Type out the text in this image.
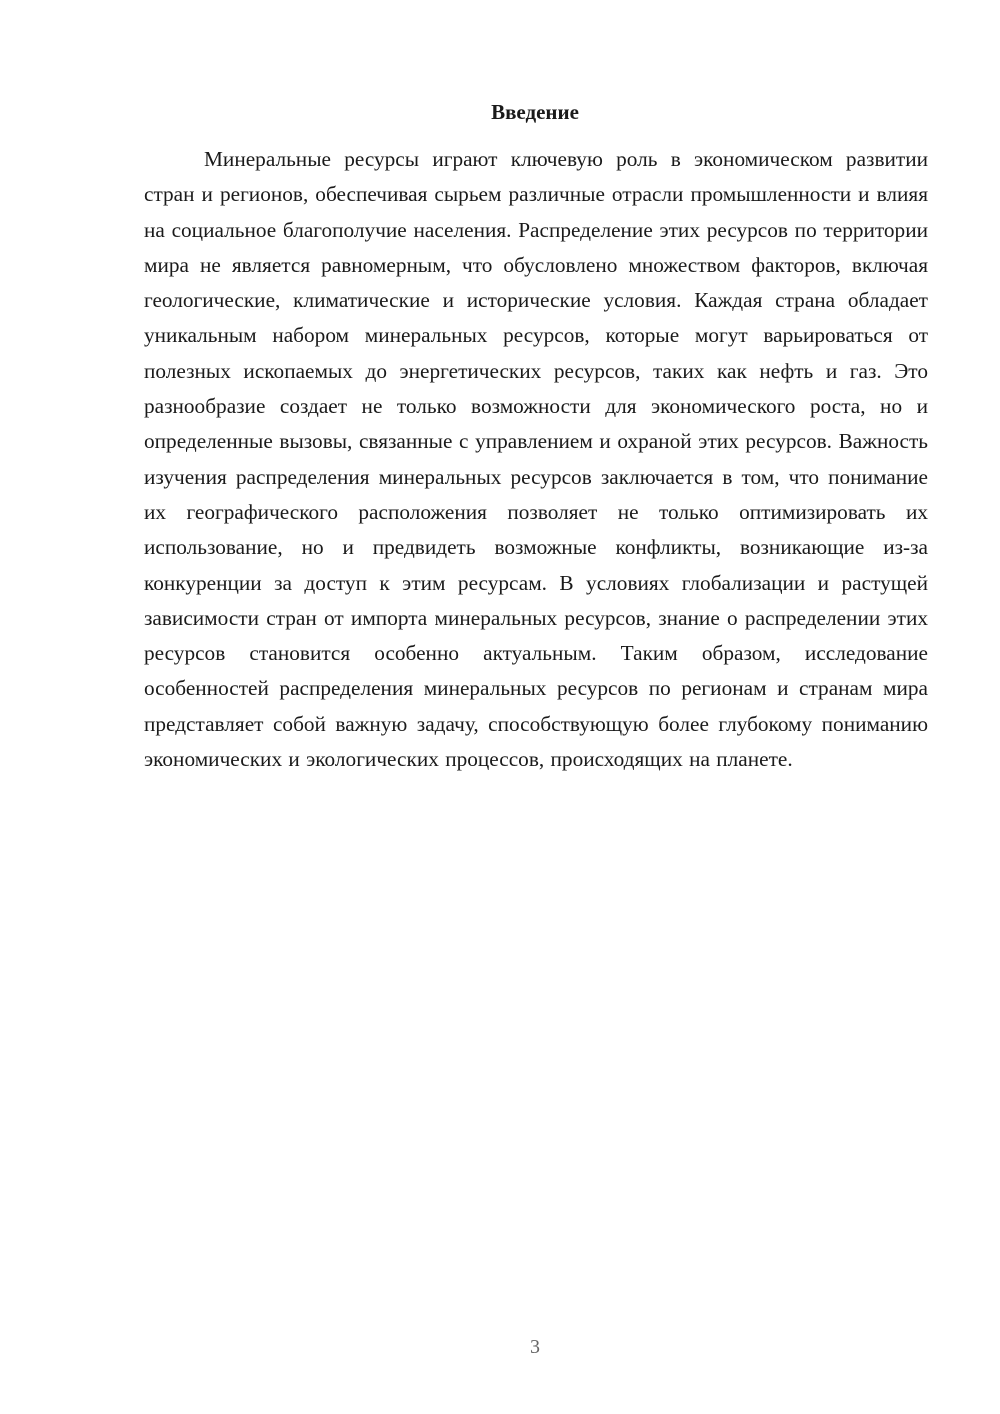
Введение

Минеральные ресурсы играют ключевую роль в экономическом развитии стран и регионов, обеспечивая сырьем различные отрасли промышленности и влияя на социальное благополучие населения. Распределение этих ресурсов по территории мира не является равномерным, что обусловлено множеством факторов, включая геологические, климатические и исторические условия. Каждая страна обладает уникальным набором минеральных ресурсов, которые могут варьироваться от полезных ископаемых до энергетических ресурсов, таких как нефть и газ. Это разнообразие создает не только возможности для экономического роста, но и определенные вызовы, связанные с управлением и охраной этих ресурсов. Важность изучения распределения минеральных ресурсов заключается в том, что понимание их географического расположения позволяет не только оптимизировать их использование, но и предвидеть возможные конфликты, возникающие из-за конкуренции за доступ к этим ресурсам. В условиях глобализации и растущей зависимости стран от импорта минеральных ресурсов, знание о распределении этих ресурсов становится особенно актуальным. Таким образом, исследование особенностей распределения минеральных ресурсов по регионам и странам мира представляет собой важную задачу, способствующую более глубокому пониманию экономических и экологических процессов, происходящих на планете.

3
